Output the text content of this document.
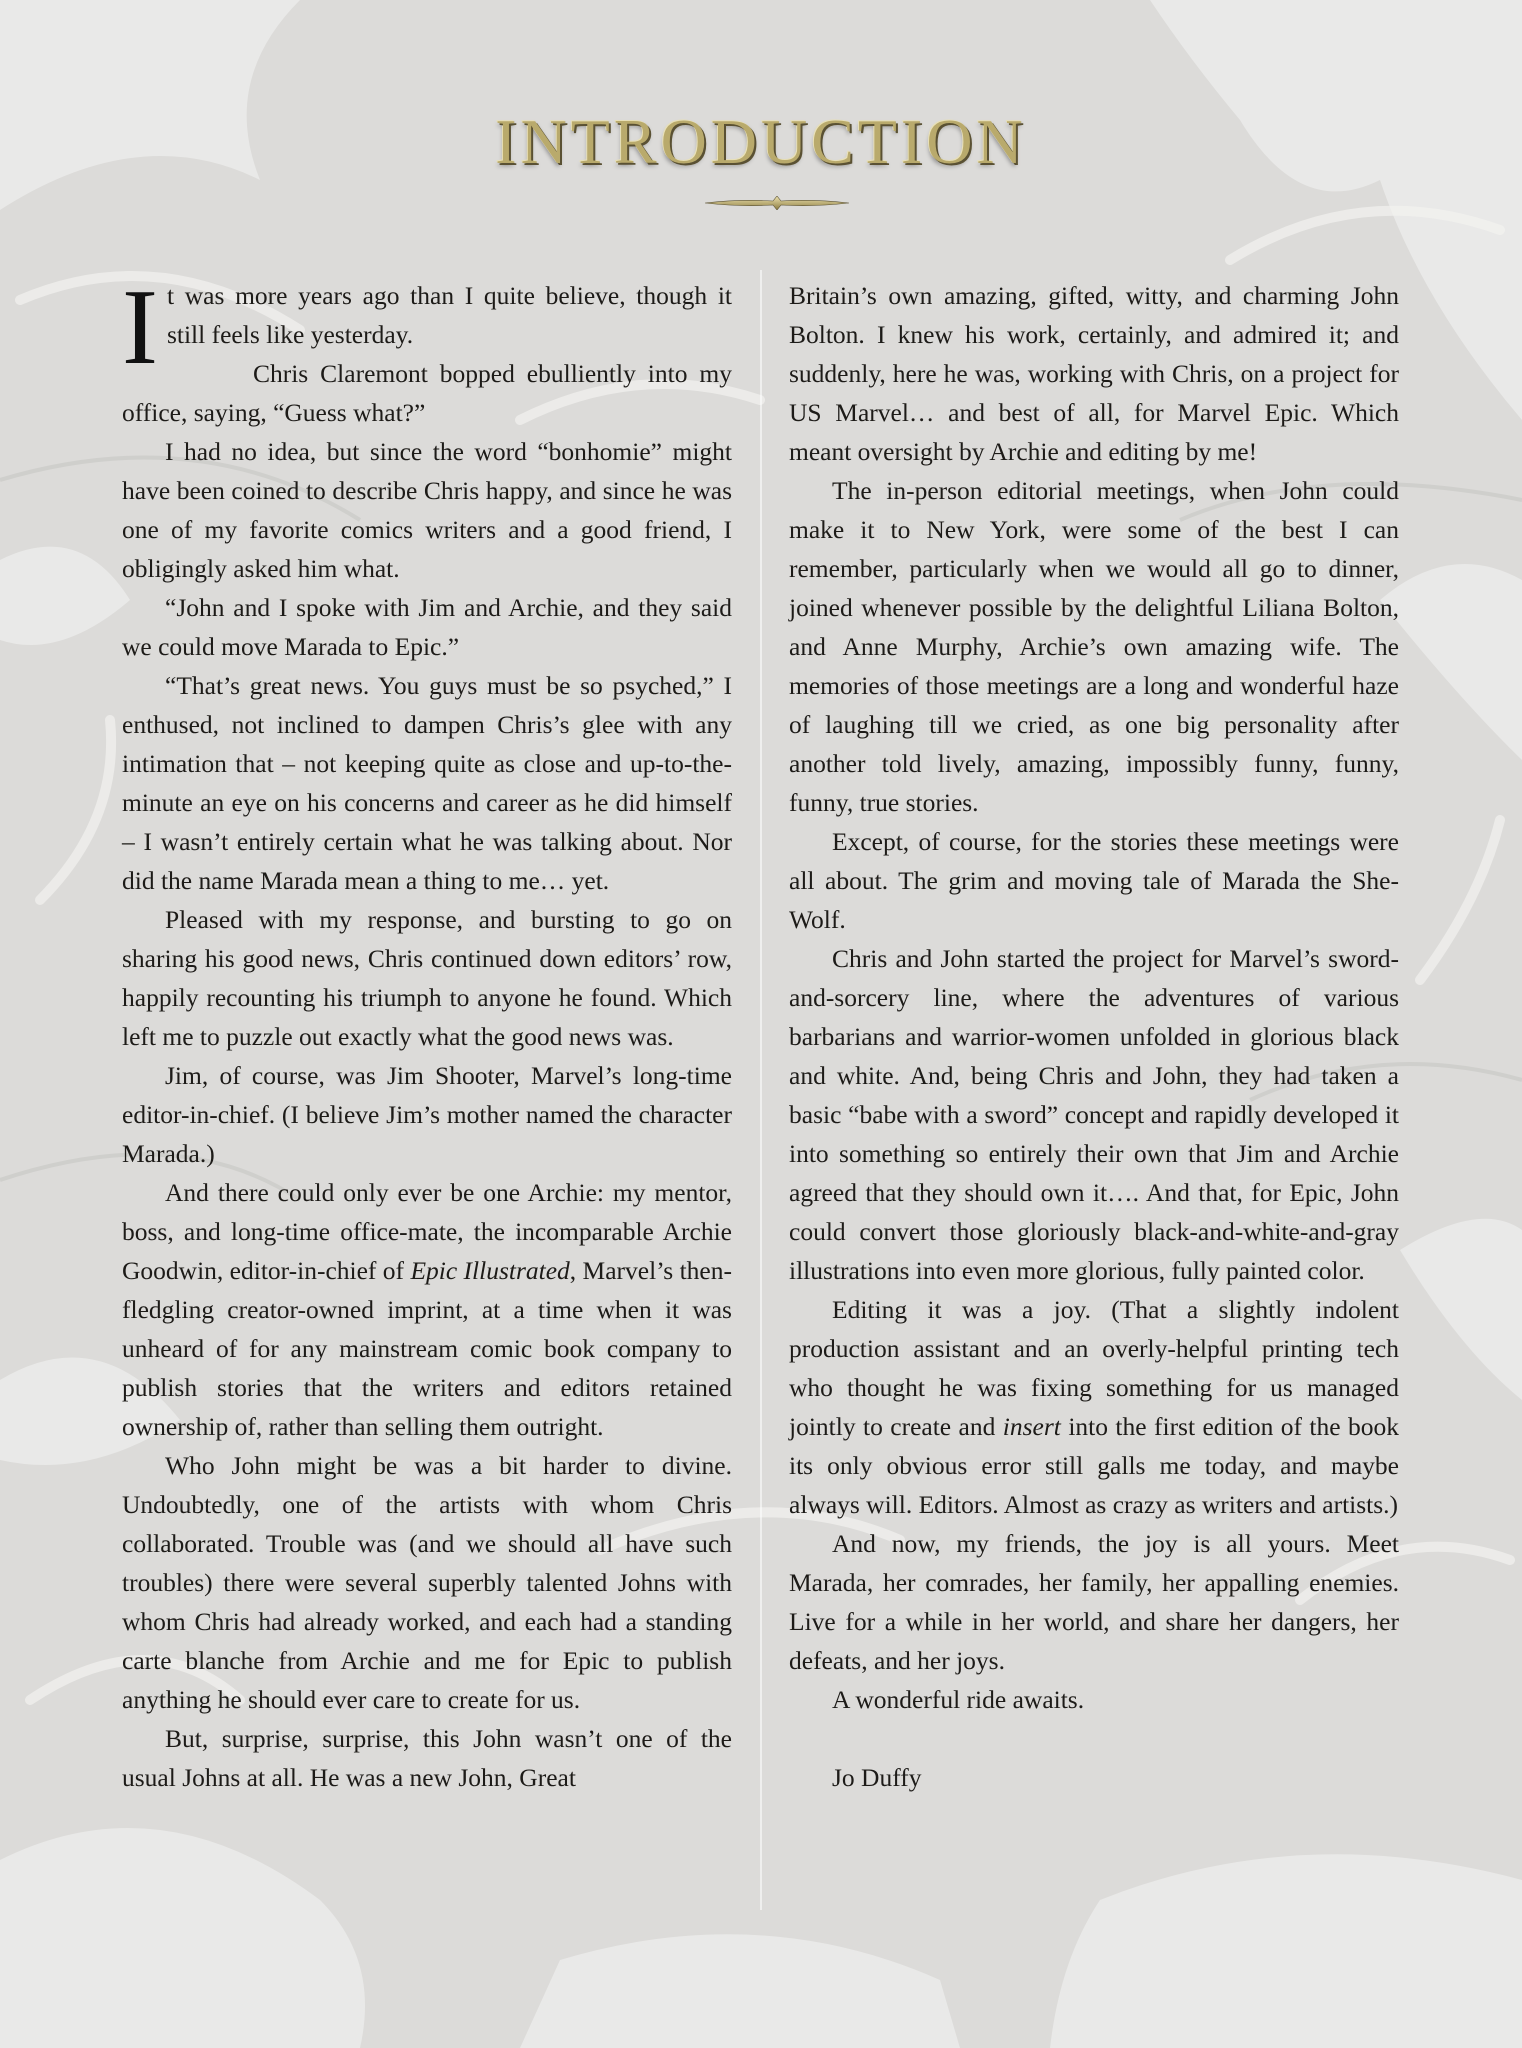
INTRODUCTION

It was more years ago than I quite believe, though it still feels like yesterday.

Chris Claremont bopped ebulliently into my office, saying, “Guess what?”

I had no idea, but since the word “bonhomie” might have been coined to describe Chris happy, and since he was one of my favorite comics writers and a good friend, I obligingly asked him what.

“John and I spoke with Jim and Archie, and they said we could move Marada to Epic.”

“That’s great news. You guys must be so psyched,” I enthused, not inclined to dampen Chris’s glee with any intimation that – not keeping quite as close and up-to-the-minute an eye on his concerns and career as he did himself – I wasn’t entirely certain what he was talking about. Nor did the name Marada mean a thing to me… yet.

Pleased with my response, and bursting to go on sharing his good news, Chris continued down editors’ row, happily recounting his triumph to anyone he found. Which left me to puzzle out exactly what the good news was.

Jim, of course, was Jim Shooter, Marvel’s long-time editor-in-chief. (I believe Jim’s mother named the character Marada.)

And there could only ever be one Archie: my mentor, boss, and long-time office-mate, the incomparable Archie Goodwin, editor-in-chief of Epic Illustrated, Marvel’s then-fledgling creator-owned imprint, at a time when it was unheard of for any mainstream comic book company to publish stories that the writers and editors retained ownership of, rather than selling them outright.

Who John might be was a bit harder to divine. Undoubtedly, one of the artists with whom Chris collaborated. Trouble was (and we should all have such troubles) there were several superbly talented Johns with whom Chris had already worked, and each had a standing carte blanche from Archie and me for Epic to publish anything he should ever care to create for us.

But, surprise, surprise, this John wasn’t one of the usual Johns at all. He was a new John, Great

Britain’s own amazing, gifted, witty, and charming John Bolton. I knew his work, certainly, and admired it; and suddenly, here he was, working with Chris, on a project for US Marvel… and best of all, for Marvel Epic. Which meant oversight by Archie and editing by me!

The in-person editorial meetings, when John could make it to New York, were some of the best I can remember, particularly when we would all go to dinner, joined whenever possible by the delightful Liliana Bolton, and Anne Murphy, Archie’s own amazing wife. The memories of those meetings are a long and wonderful haze of laughing till we cried, as one big personality after another told lively, amazing, impossibly funny, funny, funny, true stories.

Except, of course, for the stories these meetings were all about. The grim and moving tale of Marada the She-Wolf.

Chris and John started the project for Marvel’s sword-and-sorcery line, where the adventures of various barbarians and warrior-women unfolded in glorious black and white. And, being Chris and John, they had taken a basic “babe with a sword” concept and rapidly developed it into something so entirely their own that Jim and Archie agreed that they should own it…. And that, for Epic, John could convert those gloriously black-and-white-and-gray illustrations into even more glorious, fully painted color.

Editing it was a joy. (That a slightly indolent production assistant and an overly-helpful printing tech who thought he was fixing something for us managed jointly to create and insert into the first edition of the book its only obvious error still galls me today, and maybe always will. Editors. Almost as crazy as writers and artists.)

And now, my friends, the joy is all yours. Meet Marada, her comrades, her family, her appalling enemies. Live for a while in her world, and share her dangers, her defeats, and her joys.

A wonderful ride awaits.

Jo Duffy
